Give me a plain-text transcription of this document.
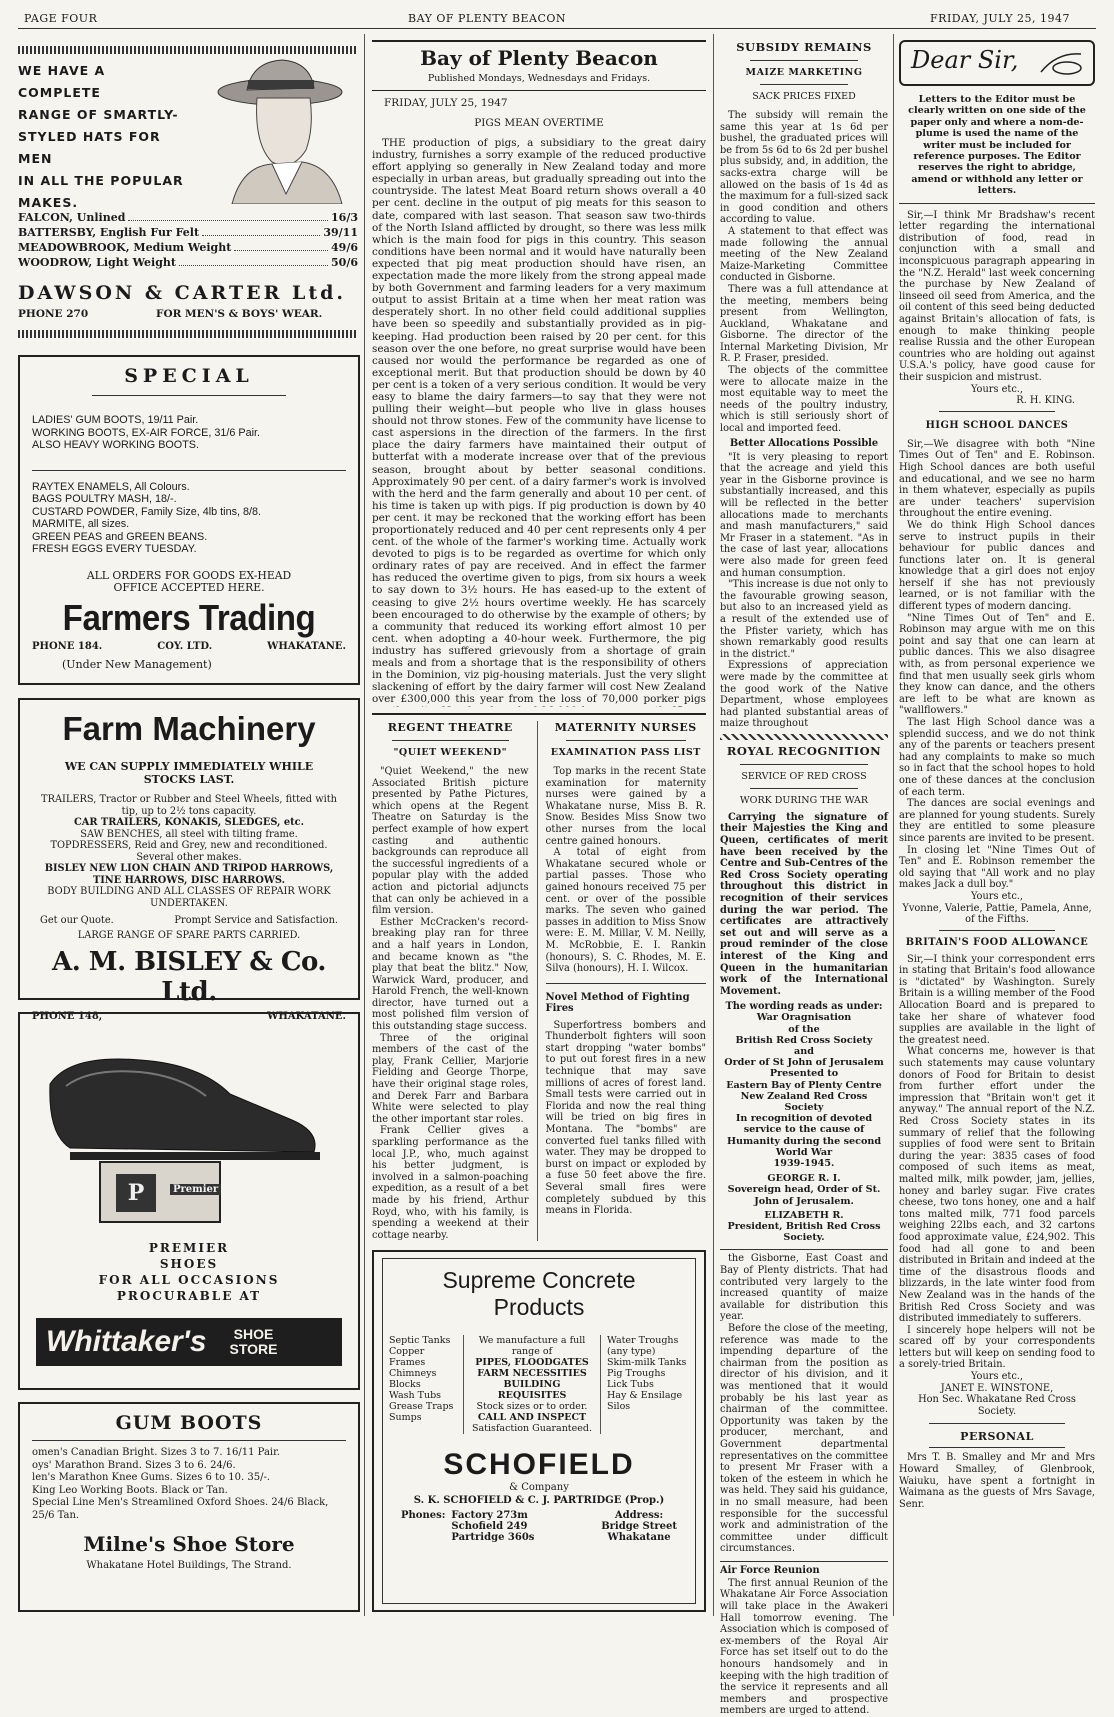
PAGE FOUR	BAY OF PLENTY BEACON	FRIDAY, JULY 25, 1947
WE HAVE A COMPLETE
RANGE OF SMARTLY-
STYLED HATS FOR MEN
IN ALL THE POPULAR
MAKES.
FALCON, Unlined	16/3
BATTERSBY, English Fur Felt	39/11
MEADOWBROOK, Medium Weight	49/6
WOODROW, Light Weight	50/6
DAWSON & CARTER Ltd.
PHONE 270	FOR MEN'S & BOYS' WEAR.
SPECIAL
LADIES' GUM BOOTS, 19/11 Pair.
WORKING BOOTS, EX-AIR FORCE, 31/6 Pair.
ALSO HEAVY WORKING BOOTS.
RAYTEX ENAMELS, All Colours.
BAGS POULTRY MASH, 18/-.
CUSTARD POWDER, Family Size, 4lb tins, 8/8.
MARMITE, all sizes.
GREEN PEAS and GREEN BEANS.
FRESH EGGS EVERY TUESDAY.
ALL ORDERS FOR GOODS EX-HEAD OFFICE ACCEPTED HERE.
Farmers Trading
PHONE 184.	COY. LTD.	WHAKATANE.
(Under New Management)
Farm Machinery
WE CAN SUPPLY IMMEDIATELY WHILE STOCKS LAST.
TRAILERS, Tractor or Rubber and Steel Wheels, fitted with tip, up to 2½ tons capacity.
CAR TRAILERS, KONAKIS, SLEDGES, etc.
SAW BENCHES, all steel with tilting frame.
TOPDRESSERS, Reid and Grey, new and reconditioned. Several other makes.
BISLEY NEW LION CHAIN AND TRIPOD HARROWS, TINE HARROWS, DISC HARROWS.
BODY BUILDING AND ALL CLASSES OF REPAIR WORK UNDERTAKEN.
Get our Quote.	Prompt Service and Satisfaction.
LARGE RANGE OF SPARE PARTS CARRIED.
A. M. BISLEY & Co. Ltd.
PHONE 148,	WHAKATANE.
P	Premier
PREMIER
SHOES
FOR ALL OCCASIONS
PROCURABLE AT
Whittaker's	SHOE STORE
GUM BOOTS
omen's Canadian Bright. Sizes 3 to 7. 16/11 Pair.
oys' Marathon Brand. Sizes 3 to 6. 24/6.
len's Marathon Knee Gums. Sizes 6 to 10. 35/-.
King Leo Working Boots. Black or Tan.
Special Line Men's Streamlined Oxford Shoes. 24/6 Black, 25/6 Tan.
Milne's Shoe Store
Whakatane Hotel Buildings, The Strand.
Bay of Plenty Beacon
Published Mondays, Wednesdays and Fridays.
FRIDAY, JULY 25, 1947
PIGS MEAN OVERTIME

THE production of pigs, a subsidiary to the great dairy industry, furnishes a sorry example of the reduced productive effort applying so generally in New Zealand today and more especially in urban areas, but gradually spreading out into the countryside. The latest Meat Board return shows overall a 40 per cent. decline in the output of pig meats for this season to date, compared with last season. That season saw two-thirds of the North Island afflicted by drought, so there was less milk which is the main food for pigs in this country. This season conditions have been normal and it would have naturally been expected that pig meat production should have risen, an expectation made the more likely from the strong appeal made by both Government and farming leaders for a very maximum output to assist Britain at a time when her meat ration was desperately short. In no other field could additional supplies have been so speedily and substantially provided as in pig-keeping. Had production been raised by 20 per cent. for this season over the one before, no great surprise would have been caused nor would the performance be regarded as one of exceptional merit. But that production should be down by 40 per cent is a token of a very serious condition. It would be very easy to blame the dairy farmers—to say that they were not pulling their weight—but people who live in glass houses should not throw stones. Few of the community have license to cast aspersions in the direction of the farmers. In the first place the dairy farmers have maintained their output of butterfat with a moderate increase over that of the previous season, brought about by better seasonal conditions. Approximately 90 per cent. of a dairy farmer's work is involved with the herd and the farm generally and about 10 per cent. of his time is taken up with pigs. If pig production is down by 40 per cent. it may be reckoned that the working effort has been proportionately reduced and 40 per cent represents only 4 per cent. of the whole of the farmer's working time. Actually work devoted to pigs is to be regarded as overtime for which only ordinary rates of pay are received. And in effect the farmer has reduced the overtime given to pigs, from six hours a week to say down to 3½ hours. He has eased-up to the extent of ceasing to give 2½ hours overtime weekly. He has scarcely been encouraged to do otherwise by the example of others; by a community that reduced its working effort almost 10 per cent. when adopting a 40-hour week. Furthermore, the pig industry has suffered grievously from a shortage of grain meals and from a shortage that is the responsibility of others in the Dominion, viz pig-housing materials. Just the very slight slackening of effort by the dairy farmer will cost New Zealand over £300,000 this year from the loss of 70,000 porker pigs

REGENT THEATRE
"QUIET WEEKEND"

"Quiet Weekend," the new Associated British picture presented by Pathe Pictures, which opens at the Regent Theatre on Saturday is the perfect example of how expert casting and authentic backgrounds can reproduce all the successful ingredients of a popular play with the added action and pictorial adjuncts that can only be achieved in a film version.

Esther McCracken's record-breaking play ran for three and a half years in London, and became known as "the play that beat the blitz." Now, Warwick Ward, producer, and Harold French, the well-known director, have turned out a most polished film version of this outstanding stage success.

Three of the original members of the cast of the play, Frank Cellier, Marjorie Fielding and George Thorpe, have their original stage roles, and Derek Farr and Barbara White were selected to play the other important star roles.

Frank Cellier gives a sparkling performance as the local J.P., who, much against his better judgment, is involved in a salmon-poaching expedition, as a result of a bet made by his friend, Arthur Royd, who, with his family, is spending a weekend at their cottage nearby.

MATERNITY NURSES
EXAMINATION PASS LIST

Top marks in the recent State examination for maternity nurses were gained by a Whakatane nurse, Miss B. R. Snow. Besides Miss Snow two other nurses from the local centre gained honours.

A total of eight from Whakatane secured whole or partial passes. Those who gained honours received 75 per cent. or over of the possible marks. The seven who gained passes in addition to Miss Snow were: E. M. Millar, V. M. Neilly, M. McRobbie, E. I. Rankin (honours), S. C. Rhodes, M. E. Silva (honours), H. I. Wilcox.

Novel Method of Fighting Fires

Superfortress bombers and Thunderbolt fighters will soon start dropping "water bombs" to put out forest fires in a new technique that may save millions of acres of forest land. Small tests were carried out in Florida and now the real thing will be tried on big fires in Montana. The "bombs" are converted fuel tanks filled with water. They may be dropped to burst on impact or exploded by a fuse 50 feet above the fire. Several small fires were completely subdued by this means in Florida.

Supreme Concrete
Products
Septic Tanks
Copper Frames
Chimneys
Blocks
Wash Tubs
Grease Traps
Sumps
We manufacture a full range of
PIPES, FLOODGATES
FARM NECESSITIES
BUILDING REQUISITES
Stock sizes or to order.
CALL AND INSPECT
Satisfaction Guaranteed.
Water Troughs
(any type)
Skim-milk Tanks
Pig Troughs
Lick Tubs
Hay & Ensilage
Silos
SCHOFIELD
& Company
S. K. SCHOFIELD & C. J. PARTRIDGE (Prop.)
Phones: Factory 273m
Schofield 249
Partridge 360s
Address:
Bridge Street
Whakatane
SUBSIDY REMAINS
MAIZE MARKETING
SACK PRICES FIXED

The subsidy will remain the same this year at 1s 6d per bushel, the graduated prices will be from 5s 6d to 6s 2d per bushel plus subsidy, and, in addition, the sacks-extra charge will be allowed on the basis of 1s 4d as the maximum for a full-sized sack in good condition and others according to value.

A statement to that effect was made following the annual meeting of the New Zealand Maize-Marketing Committee conducted in Gisborne.

There was a full attendance at the meeting, members being present from Wellington, Auckland, Whakatane and Gisborne. The director of the Internal Marketing Division, Mr R. P. Fraser, presided.

The objects of the committee were to allocate maize in the most equitable way to meet the needs of the poultry industry, which is still seriously short of local and imported feed.

Better Allocations Possible

"It is very pleasing to report that the acreage and yield this year in the Gisborne province is substantially increased, and this will be reflected in the better allocations made to merchants and mash manufacturers," said Mr Fraser in a statement. "As in the case of last year, allocations were also made for green feed and human consumption.

"This increase is due not only to the favourable growing season, but also to an increased yield as a result of the extended use of the Pfister variety, which has shown remarkably good results in the district."

Expressions of appreciation were made by the committee at the good work of the Native Department, whose employees had planted substantial areas of maize throughout

ROYAL RECOGNITION
SERVICE OF RED CROSS
WORK DURING THE WAR

Carrying the signature of their Majesties the King and Queen, certificates of merit have been received by the Centre and Sub-Centres of the Red Cross Society operating throughout this district in recognition of their services during the war period. The certificates are attractively set out and will serve as a proud reminder of the close interest of the King and Queen in the humanitarian work of the International Movement.

The wording reads as under:
War Oragnisation
of the
British Red Cross Society
and
Order of St John of Jerusalem
Presented to
Eastern Bay of Plenty Centre
New Zealand Red Cross Society
In recognition of devoted service to the cause of Humanity during the second World War
1939-1945.
GEORGE R. I.
Sovereign head, Order of St. John of Jerusalem.
ELIZABETH R.
President, British Red Cross Society.

the Gisborne, East Coast and Bay of Plenty districts. That had contributed very largely to the increased quantity of maize available for distribution this year.

Before the close of the meeting, reference was made to the impending departure of the chairman from the position as director of his division, and it was mentioned that it would probably be his last year as chairman of the committee. Opportunity was taken by the producer, merchant, and Government departmental representatives on the committee to present Mr Fraser with a token of the esteem in which he was held. They said his guidance, in no small measure, had been responsible for the successful work and administration of the committee under difficult circumstances.

Air Force Reunion

The first annual Reunion of the Whakatane Air Force Association will take place in the Awakeri Hall tomorrow evening. The Association which is composed of ex-members of the Royal Air Force has set itself out to do the honours handsomely and in keeping with the high tradition of the service it represents and all members and prospective members are urged to attend.

Dear Sir,
Letters to the Editor must be clearly written on one side of the paper only and where a nom-de-plume is used the name of the writer must be included for reference purposes. The Editor reserves the right to abridge, amend or withhold any letter or letters.

Sir,—I think Mr Bradshaw's recent letter regarding the international distribution of food, read in conjunction with a small and inconspicuous paragraph appearing in the "N.Z. Herald" last week concerning the purchase by New Zealand of linseed oil seed from America, and the oil content of this seed being deducted against Britain's allocation of fats, is enough to make thinking people realise Russia and the other European countries who are holding out against U.S.A.'s policy, have good cause for their suspicion and mistrust.

Yours etc.,
R. H. KING.
HIGH SCHOOL DANCES

Sir,—We disagree with both "Nine Times Out of Ten" and E. Robinson. High School dances are both useful and educational, and we see no harm in them whatever, especially as pupils are under teachers' supervision throughout the entire evening.

We do think High School dances serve to instruct pupils in their behaviour for public dances and functions later on. It is general knowledge that a girl does not enjoy herself if she has not previously learned, or is not familiar with the different types of modern dancing.

"Nine Times Out of Ten" and E. Robinson may argue with me on this point and say that one can learn at public dances. This we also disagree with, as from personal experience we find that men usually seek girls whom they know can dance, and the others are left to be what are known as "wallflowers."

The last High School dance was a splendid success, and we do not think any of the parents or teachers present had any complaints to make so much so in fact that the school hopes to hold one of these dances at the conclusion of each term.

The dances are social evenings and are planned for young students. Surely they are entitled to some pleasure since parents are invited to be present.

In closing let "Nine Times Out of Ten" and E. Robinson remember the old saying that "All work and no play makes Jack a dull boy."

Yours etc.,
Yvonne, Valerie, Pattie, Pamela, Anne, of the Fifths.
BRITAIN'S FOOD ALLOWANCE

Sir,—I think your correspondent errs in stating that Britain's food allowance is "dictated" by Washington. Surely Britain is a willing member of the Food Allocation Board and is prepared to take her share of whatever food supplies are available in the light of the greatest need.

What concerns me, however is that such statements may cause voluntary donors of Food for Britain to desist from further effort under the impression that "Britain won't get it anyway." The annual report of the N.Z. Red Cross Society states in its summary of relief that the following supplies of food were sent to Britain during the year: 3835 cases of food composed of such items as meat, malted milk, milk powder, jam, jellies, honey and barley sugar. Five crates cheese, two tons honey, one and a half tons malted milk, 771 food parcels weighing 22lbs each, and 32 cartons food approximate value, £24,902. This food had all gone to and been distributed in Britain and indeed at the time of the disastrous floods and blizzards, in the late winter food from New Zealand was in the hands of the British Red Cross Society and was distributed immediately to sufferers.

I sincerely hope helpers will not be scared off by your correspondents letters but will keep on sending food to a sorely-tried Britain.

Yours etc.,
JANET E. WINSTONE,
Hon Sec. Whakatane Red Cross Society.
PERSONAL

Mrs T. B. Smalley and Mr and Mrs Howard Smalley, of Glenbrook, Waiuku, have spent a fortnight in Waimana as the guests of Mrs Savage, Senr.
